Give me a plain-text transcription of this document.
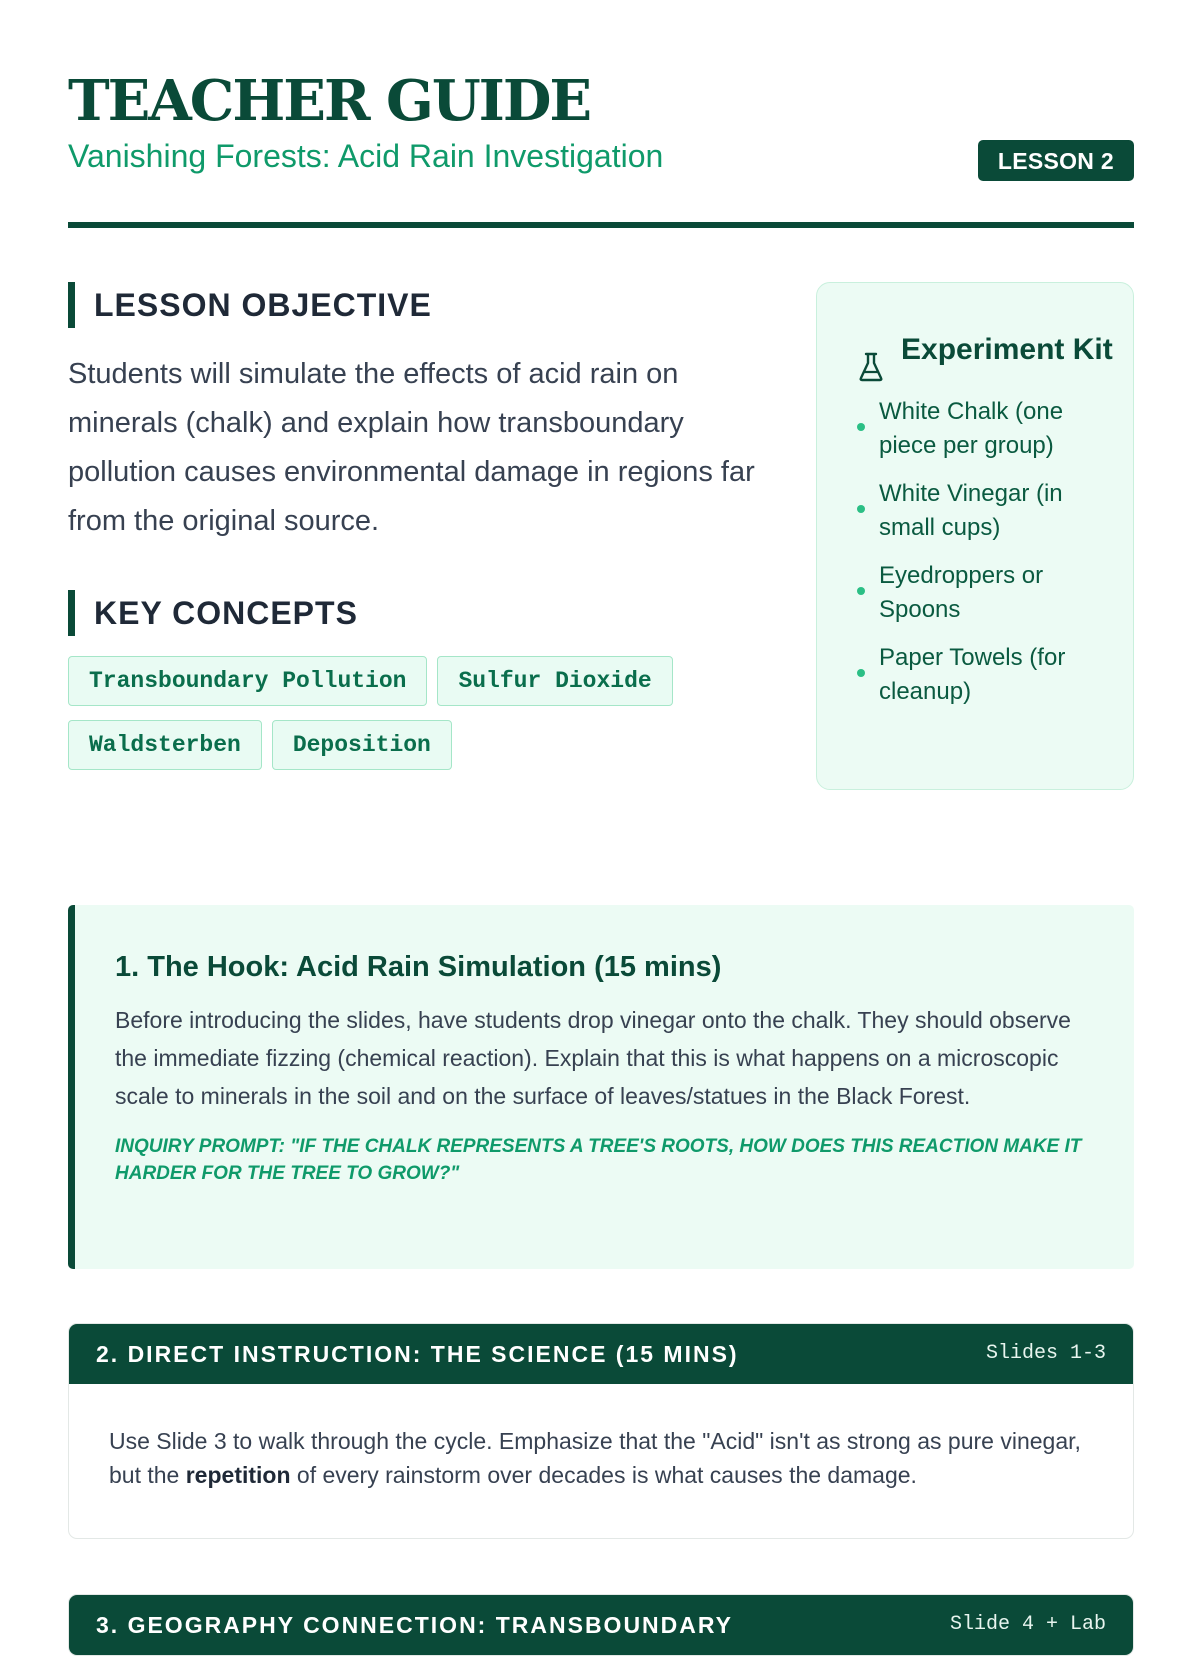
TEACHER GUIDE
Vanishing Forests: Acid Rain Investigation	LESSON 2
LESSON OBJECTIVE

Students will simulate the effects of acid rain on minerals (chalk) and explain how transboundary pollution causes environmental damage in regions far from the original source.

KEY CONCEPTS
Transboundary Pollution Sulfur Dioxide
Waldsterben Deposition
Experiment Kit
White Chalk (one piece per group)
White Vinegar (in small cups)
Eyedroppers or Spoons
Paper Towels (for cleanup)
1. The Hook: Acid Rain Simulation (15 mins)

Before introducing the slides, have students drop vinegar onto the chalk. They should observe the immediate fizzing (chemical reaction). Explain that this is what happens on a microscopic scale to minerals in the soil and on the surface of leaves/statues in the Black Forest.

INQUIRY PROMPT: "IF THE CHALK REPRESENTS A TREE'S ROOTS, HOW DOES THIS REACTION MAKE IT HARDER FOR THE TREE TO GROW?"

2. DIRECT INSTRUCTION: THE SCIENCE (15 MINS)	Slides 1-3
Use Slide 3 to walk through the cycle. Emphasize that the "Acid" isn't as strong as pure vinegar, but the repetition of every rainstorm over decades is what causes the damage.
3. GEOGRAPHY CONNECTION: TRANSBOUNDARY	Slide 4 + Lab
